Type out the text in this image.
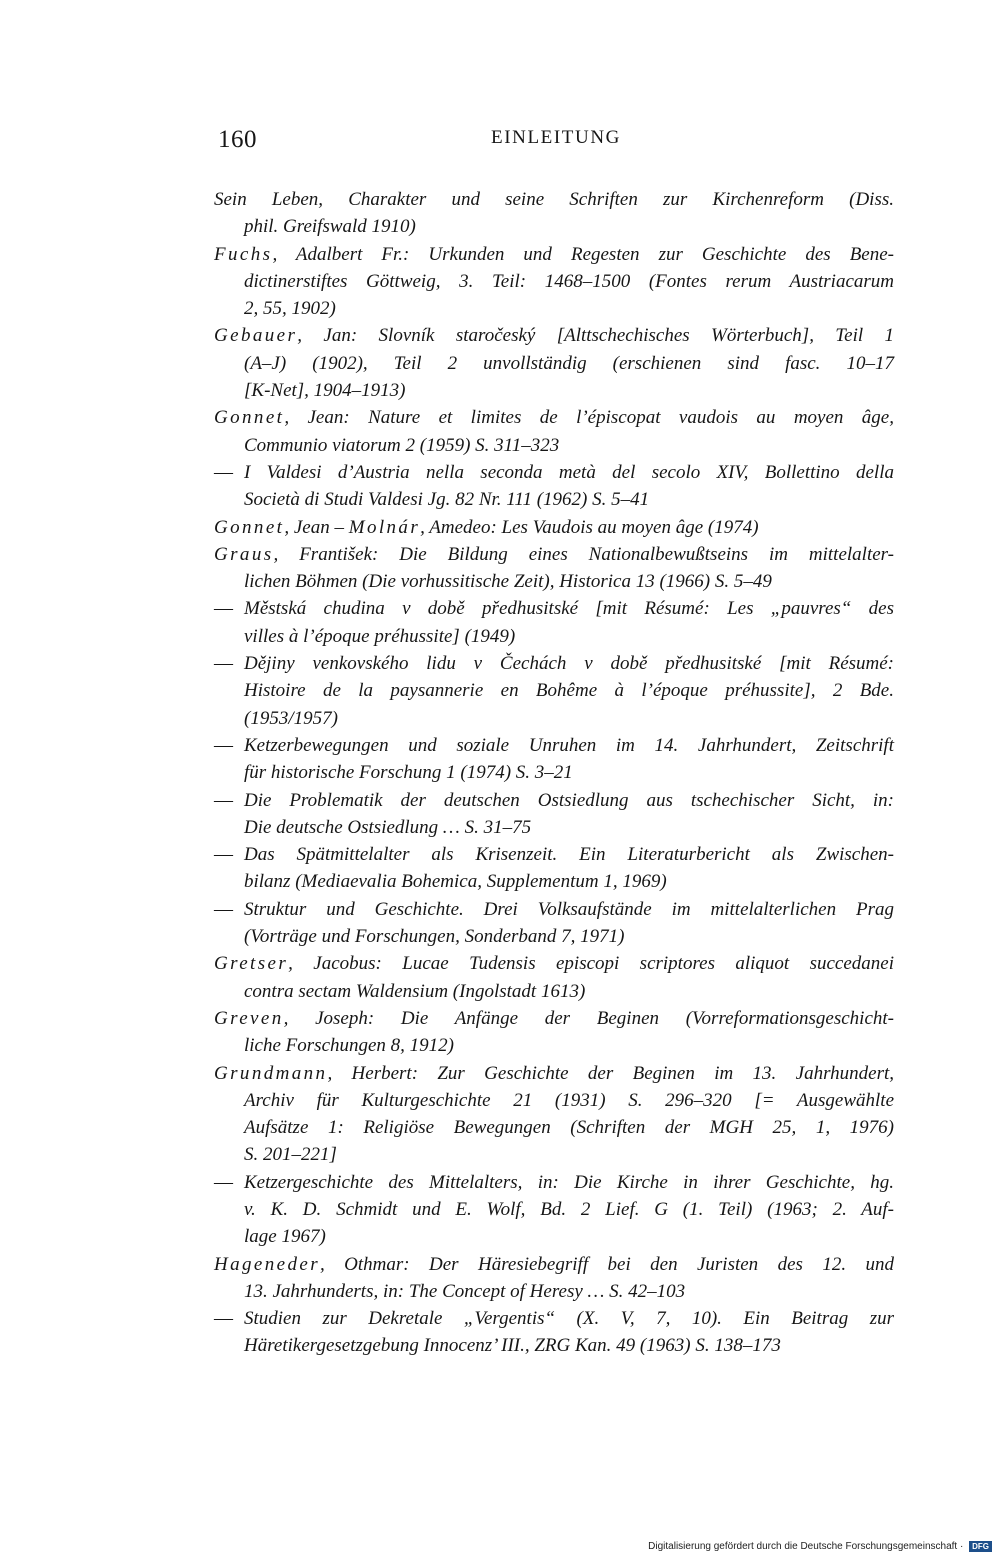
160	EINLEITUNG
Sein Leben, Charakter und seine Schriften zur Kirchenreform (Diss.
phil. Greifswald 1910)
Fuchs, Adalbert Fr.: Urkunden und Regesten zur Geschichte des Bene-
dictinerstiftes Göttweig, 3. Teil: 1468–1500 (Fontes rerum Austriacarum
2, 55, 1902)
Gebauer, Jan: Slovník staročeský [Alttschechisches Wörterbuch], Teil 1
(A–J) (1902), Teil 2 unvollständig (erschienen sind fasc. 10–17
[K-Net], 1904–1913)
Gonnet, Jean: Nature et limites de l’épiscopat vaudois au moyen âge,
Communio viatorum 2 (1959) S. 311–323
— I Valdesi d’Austria nella seconda metà del secolo XIV, Bollettino della
Società di Studi Valdesi Jg. 82 Nr. 111 (1962) S. 5–41
Gonnet, Jean – Molnár, Amedeo: Les Vaudois au moyen âge (1974)
Graus, František: Die Bildung eines Nationalbewußtseins im mittelalter-
lichen Böhmen (Die vorhussitische Zeit), Historica 13 (1966) S. 5–49
— Městská chudina v době předhusitské [mit Résumé: Les „pauvres“ des
villes à l’époque préhussite] (1949)
— Dějiny venkovského lidu v Čechách v době předhusitské [mit Résumé:
Histoire de la paysannerie en Bohême à l’époque préhussite], 2 Bde.
(1953/1957)
— Ketzerbewegungen und soziale Unruhen im 14. Jahrhundert, Zeitschrift
für historische Forschung 1 (1974) S. 3–21
— Die Problematik der deutschen Ostsiedlung aus tschechischer Sicht, in:
Die deutsche Ostsiedlung … S. 31–75
— Das Spätmittelalter als Krisenzeit. Ein Literaturbericht als Zwischen-
bilanz (Mediaevalia Bohemica, Supplementum 1, 1969)
— Struktur und Geschichte. Drei Volksaufstände im mittelalterlichen Prag
(Vorträge und Forschungen, Sonderband 7, 1971)
Gretser, Jacobus: Lucae Tudensis episcopi scriptores aliquot succedanei
contra sectam Waldensium (Ingolstadt 1613)
Greven, Joseph: Die Anfänge der Beginen (Vorreformationsgeschicht-
liche Forschungen 8, 1912)
Grundmann, Herbert: Zur Geschichte der Beginen im 13. Jahrhundert,
Archiv für Kulturgeschichte 21 (1931) S. 296–320 [= Ausgewählte
Aufsätze 1: Religiöse Bewegungen (Schriften der MGH 25, 1, 1976)
S. 201–221]
— Ketzergeschichte des Mittelalters, in: Die Kirche in ihrer Geschichte, hg.
v. K. D. Schmidt und E. Wolf, Bd. 2 Lief. G (1. Teil) (1963; 2. Auf-
lage 1967)
Hageneder, Othmar: Der Häresiebegriff bei den Juristen des 12. und
13. Jahrhunderts, in: The Concept of Heresy … S. 42–103
— Studien zur Dekretale „Vergentis“ (X. V, 7, 10). Ein Beitrag zur
Häretikergesetzgebung Innocenz’ III., ZRG Kan. 49 (1963) S. 138–173
Digitalisierung gefördert durch die Deutsche Forschungsgemeinschaft · DFG
